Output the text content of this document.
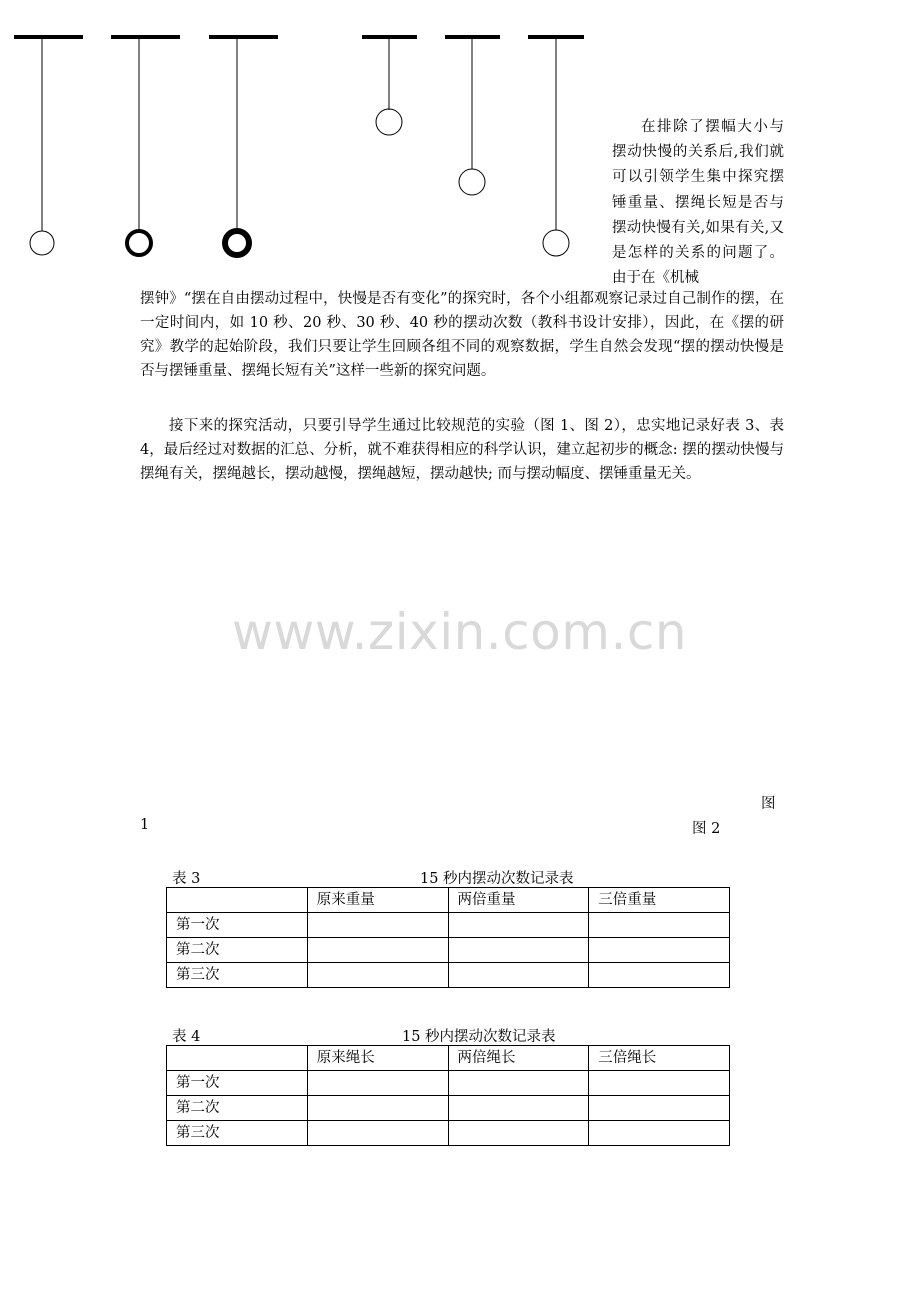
在排除了摆幅大小与摆动快慢的关系后,我们就可以引领学生集中探究摆锤重量、摆绳长短是否与摆动快慢有关,如果有关,又是怎样的关系的问题了。由于在《机械
摆钟》“摆在自由摆动过程中，快慢是否有变化”的探究时，各个小组都观察记录过自己制作的摆，在一定时间内，如 10 秒、20 秒、30 秒、40 秒的摆动次数（教科书设计安排），因此，在《摆的研究》教学的起始阶段，我们只要让学生回顾各组不同的观察数据，学生自然会发现“摆的摆动快慢是否与摆锤重量、摆绳长短有关”这样一些新的探究问题。
接下来的探究活动，只要引导学生通过比较规范的实验（图 1、图 2），忠实地记录好表 3、表 4，最后经过对数据的汇总、分析，就不难获得相应的科学认识，建立起初步的概念: 摆的摆动快慢与摆绳有关，摆绳越长，摆动越慢，摆绳越短，摆动越快; 而与摆动幅度、摆锤重量无关。
www.zixin.com.cn
图
1	图 2
表 3	15 秒内摆动次数记录表
	原来重量	两倍重量	三倍重量
第一次			
第二次			
第三次			
表 4	15 秒内摆动次数记录表
	原来绳长	两倍绳长	三倍绳长
第一次			
第二次			
第三次			
